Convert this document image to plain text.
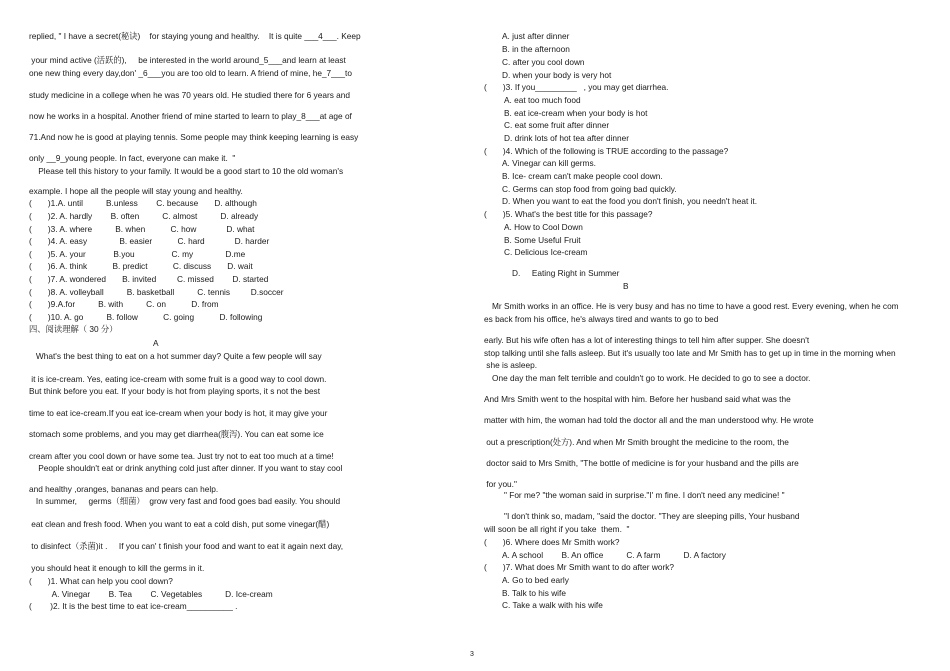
replied, " I have a secret(秘诀)    for staying young and healthy.    It is quite ___4___. Keep
your mind active (活跃的),     be interested in the world around_5___and learn at least
one new thing every day,don' _6___you are too old to learn. A friend of mine, he_7___to
study medicine in a college when he was 70 years old. He studied there for 6 years and
now he works in a hospital. Another friend of mine started to learn to play_8___at age of
71.And now he is good at playing tennis. Some people may think keeping learning is easy
only __9_young people. In fact, everyone can make it.  "
Please tell this history to your family. It would be a good start to 10 the old woman's
example. I hope all the people will stay young and healthy.
(       )1.A. until          B.unless        C. because       D. although
(       )2. A. hardly        B. often          C. almost          D. already
(       )3. A. where          B. when           C. how             D. what
(       )4. A. easy              B. easier           C. hard             D. harder
(       )5. A. your            B.you                C. my              D.me
(       )6. A. think           B. predict           C. discuss       D. wait
(       )7. A. wondered       B. invited         C. missed        D. started
(       )8. A. volleyball          B. basketball          C. tennis         D.soccer
(       )9.A.for          B. with          C. on           D. from
(       )10. A. go          B. follow           C. going           D. following
四、阅读理解（ 30 分）
A
What's the best thing to eat on a hot summer day? Quite a few people will say
it is ice-cream. Yes, eating ice-cream with some fruit is a good way to cool down.
But think before you eat. If your body is hot from playing sports, it s not the best
time to eat ice-cream.If you eat ice-cream when your body is hot, it may give your
stomach some problems, and you may get diarrhea(腹泻). You can eat some ice
cream after you cool down or have some tea. Just try not to eat too much at a time!
People shouldn't eat or drink anything cold just after dinner. If you want to stay cool
and healthy ,oranges, bananas and pears can help.
In summer,     germs（细菌）  grow very fast and food goes bad easily. You should
eat clean and fresh food. When you want to eat a cold dish, put some vinegar(醋)
to disinfect（杀菌)it .     If you can' t finish your food and want to eat it again next day,
you should heat it enough to kill the germs in it.
(       )1. What can help you cool down?
A. Vinegar        B. Tea        C. Vegetables          D. Ice-cream
(        )2. It is the best time to eat ice-cream__________ .
A. just after dinner
B. in the afternoon
C. after you cool down
D. when your body is very hot
(       )3. If you_________   , you may get diarrhea.
A. eat too much food
B. eat ice-cream when your body is hot
C. eat some fruit after dinner
D. drink lots of hot tea after dinner
(       )4. Which of the following is TRUE according to the passage?
A. Vinegar can kill germs.
B. Ice- cream can't make people cool down.
C. Germs can stop food from going bad quickly.
D. When you want to eat the food you don't finish, you needn't heat it.
(       )5. What's the best title for this passage?
A. How to Cool Down
B. Some Useful Fruit
C. Delicious Ice-cream
D.     Eating Right in Summer
B
Mr Smith works in an office. He is very busy and has no time to have a good rest. Every evening, when he com
es back from his office, he's always tired and wants to go to bed
early. But his wife often has a lot of interesting things to tell him after supper. She doesn't
stop talking until she falls asleep. But it's usually too late and Mr Smith has to get up in time in the morning when
she is asleep.
One day the man felt terrible and couldn't go to work. He decided to go to see a doctor.
And Mrs Smith went to the hospital with him. Before her husband said what was the
matter with him, the woman had told the doctor all and the man understood why. He wrote
out a prescription(处方). And when Mr Smith brought the medicine to the room, the
doctor said to Mrs Smith, "The bottle of medicine is for your husband and the pills are
for you."
" For me? "the woman said in surprise."I' m fine. I don't need any medicine! "
"I don't think so, madam, "said the doctor. "They are sleeping pills, Your husband
will soon be all right if you take  them.  "
(       )6. Where does Mr Smith work?
A. A school        B. An office          C. A farm          D. A factory
(       )7. What does Mr Smith want to do after work?
A. Go to bed early
B. Talk to his wife
C. Take a walk with his wife
3
